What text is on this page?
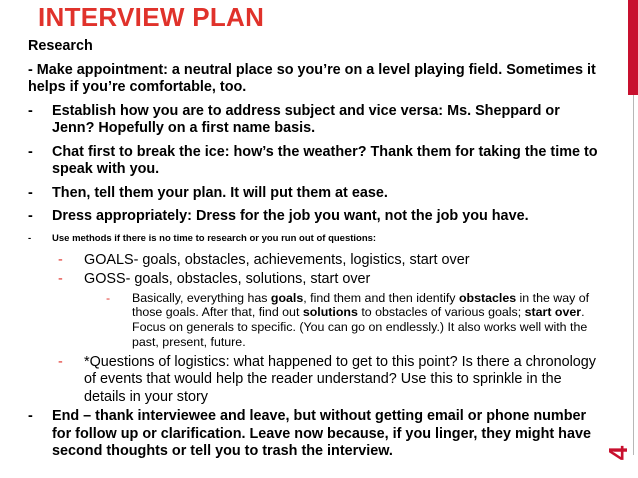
INTERVIEW PLAN
4
Research
- Make appointment: a neutral place so you’re on a level playing field. Sometimes it helps if you’re comfortable, too.
- Establish how you are to address subject and vice versa: Ms. Sheppard or Jenn? Hopefully on a first name basis.
- Chat first to break the ice: how’s the weather? Thank them for taking the time to speak with you.
- Then, tell them your plan. It will put them at ease.
- Dress appropriately: Dress for the job you want, not the job you have.
- Use methods if there is no time to research or you run out of questions:
- GOALS- goals, obstacles, achievements, logistics, start over
- GOSS- goals, obstacles, solutions, start over
- Basically, everything has goals, find them and then identify obstacles in the way of those goals. After that, find out solutions to obstacles of various goals; start over. Focus on generals to specific. (You can go on endlessly.) It also works well with the past, present, future.
- *Questions of logistics: what happened to get to this point? Is there a chronology of events that would help the reader understand? Use this to sprinkle in the details in your story
- End – thank interviewee and leave, but without getting email or phone number for follow up or clarification. Leave now because, if you linger, they might have second thoughts or tell you to trash the interview.
